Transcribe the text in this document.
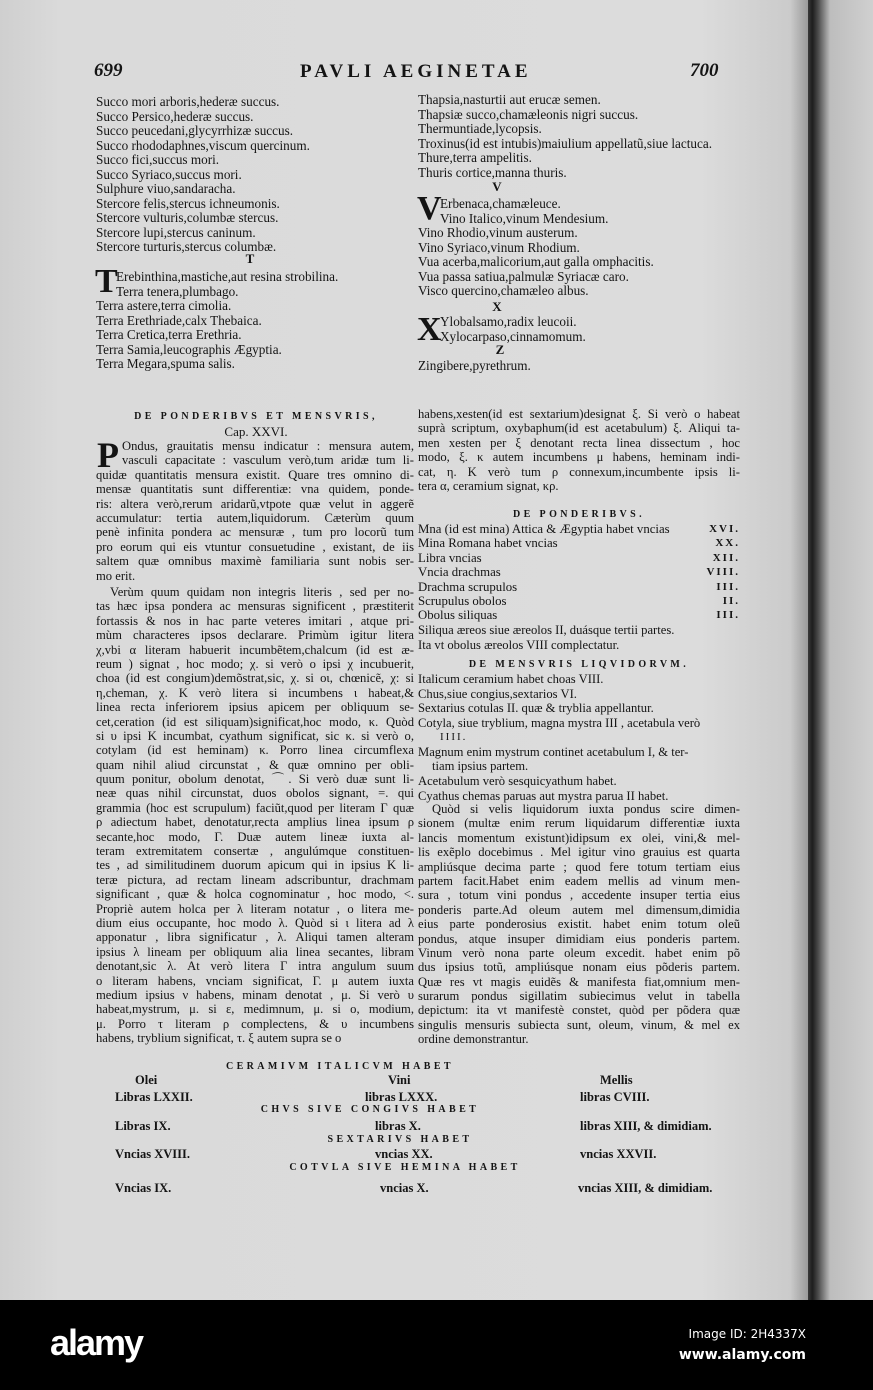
699	PAVLI AEGINETAE	700
Succo mori arboris,hederæ succus.
Succo Persico,hederæ succus.
Succo peucedani,glycyrrhizæ succus.
Succo rhododaphnes,viscum quercinum.
Succo fici,succus mori.
Succo Syriaco,succus mori.
Sulphure viuo,sandaracha.
Stercore felis,stercus ichneumonis.
Stercore vulturis,columbæ stercus.
Stercore lupi,stercus caninum.
Stercore turturis,stercus columbæ.
T
T
Erebinthina,mastiche,aut resina strobilina.
Terra tenera,plumbago.
Terra astere,terra cimolia.
Terra Erethriade,calx Thebaica.
Terra Cretica,terra Erethria.
Terra Samia,leucographis Ægyptia.
Terra Megara,spuma salis.
Thapsia,nasturtii aut erucæ semen.
Thapsiæ succo,chamæleonis nigri succus.
Thermuntiade,lycopsis.
Troxinus(id est intubis)maiulium appellatũ,siue lactuca.
Thure,terra ampelitis.
Thuris cortice,manna thuris.
V
V
Erbenaca,chamæleuce.
Vino Italico,vinum Mendesium.
Vino Rhodio,vinum austerum.
Vino Syriaco,vinum Rhodium.
Vua acerba,malicorium,aut galla omphacitis.
Vua passa satiua,palmulæ Syriacæ caro.
Visco quercino,chamæleo albus.
X
X
Ylobalsamo,radix leucoii.
Xylocarpaso,cinnamomum.
Z
Zingibere,pyrethrum.
DE PONDERIBVS ET MENSVRIS,
Cap. XXVI.
P Ondus, grauitatis mensu indicatur : mensura autem,
vasculi capacitate : vasculum verò,tum aridæ tum li-
quidæ quantitatis mensura existit. Quare tres omnino di-
mensæ quantitatis sunt differentiæ: vna quidem, ponde-
ris: altera verò,rerum aridarũ,vtpote quæ velut in aggerẽ
accumulatur: tertia autem,liquidorum. Cæterùm quum
penè infinita pondera ac mensuræ , tum pro locorũ tum
pro eorum qui eis vtuntur consuetudine , existant, de iis
saltem quæ omnibus maximè familiaria sunt nobis ser-
mo erit.
Verùm quum quidam non integris literis , sed per no-
tas hæc ipsa pondera ac mensuras significent , præstiterit
fortassis & nos in hac parte veteres imitari , atque pri-
mùm characteres ipsos declarare. Primùm igitur litera
χ,vbi α literam habuerit incumbẽtem,chalcum (id est æ-
reum ) signat , hoc modo; χ. si verò ο ipsi χ incubuerit,
choa (id est congium)demõstrat,sic, χ. si οι, chœnicẽ, χ: si
η,cheman, χ. K verò litera si incumbens ι habeat,&
linea recta inferiorem ipsius apicem per obliquum se-
cet,ceration (id est siliquam)significat,hoc modo, κ. Quòd
si υ ipsi K incumbat, cyathum significat, sic κ. si verò ο,
cotylam (id est heminam) κ. Porro linea circumflexa
quam nihil aliud circunstat , & quæ omnino per obli-
quum ponitur, obolum denotat, ⌒. Si verò duæ sunt li-
neæ quas nihil circunstat, duos obolos signant, =. qui
grammia (hoc est scrupulum) faciũt,quod per literam Γ quæ
ρ adiectum habet, denotatur,recta amplius linea ipsum ρ
secante,hoc modo, Γ. Duæ autem lineæ iuxta al-
teram extremitatem consertæ , angulúmque constituen-
tes , ad similitudinem duorum apicum qui in ipsius K li-
teræ pictura, ad rectam lineam adscribuntur, drachmam
significant , quæ & holca cognominatur , hoc modo, <.
Propriè autem holca per λ literam notatur , ο litera me-
dium eius occupante, hoc modo λ. Quòd si ι litera ad λ
apponatur , libra significatur , λ. Aliqui tamen alteram
ipsius λ lineam per obliquum alia linea secantes, libram
denotant,sic λ. At verò litera Γ intra angulum suum
ο literam habens, vnciam significat, Γ. μ autem iuxta
medium ipsius ν habens, minam denotat , μ. Si verò υ
habeat,mystrum, μ. si ε, medimnum, μ. si ο, modium,
μ. Porro τ literam ρ complectens, & υ incumbens
habens, tryblium significat, τ. ξ autem supra se ο
habens,xesten(id est sextarium)designat ξ. Si verò ο habeat
suprà scriptum, oxybaphum(id est acetabulum) ξ. Aliqui ta-
men xesten per ξ denotant recta linea dissectum , hoc
modo, ξ. κ autem incumbens μ habens, heminam indi-
cat, η. K verò tum ρ connexum,incumbente ipsis li-
tera α, ceramium signat, κρ.
DE PONDERIBVS.
Mna (id est mina) Attica & Ægyptia habet vncias	XVI.
Mina Romana habet vncias	XX.
Libra vncias	XII.
Vncia drachmas	VIII.
Drachma scrupulos	III.
Scrupulus obolos	II.
Obolus siliquas	III.
Siliqua æreos siue æreolos II, duásque tertii partes.
Ita vt obolus æreolos VIII complectatur.
DE MENSVRIS LIQVIDORVM.
Italicum ceramium habet choas VIII.
Chus,siue congius,sextarios VI.
Sextarius cotulas II. quæ & tryblia appellantur.
Cotyla, siue tryblium, magna mystra III , acetabula verò
IIII.
Magnum enim mystrum continet acetabulum I, & ter-
tiam ipsius partem.
Acetabulum verò sesquicyathum habet.
Cyathus chemas paruas aut mystra parua II habet.
Quòd si velis liquidorum iuxta pondus scire dimen-
sionem (multæ enim rerum liquidarum differentiæ iuxta
lancis momentum existunt)idipsum ex olei, vini,& mel-
lis exẽplo docebimus . Mel igitur vino grauius est quarta
ampliúsque decima parte ; quod fere totum tertiam eius
partem facit.Habet enim eadem mellis ad vinum men-
sura , totum vini pondus , accedente insuper tertia eius
ponderis parte.Ad oleum autem mel dimensum,dimidia
eius parte ponderosius existit. habet enim totum oleũ
pondus, atque insuper dimidiam eius ponderis partem.
Vinum verò nona parte oleum excedit. habet enim põ
dus ipsius totũ, ampliúsque nonam eius põderis partem.
Quæ res vt magis euidẽs & manifesta fiat,omnium men-
surarum pondus sigillatim subiecimus velut in tabella
depictum: ita vt manifestè constet, quòd per põdera quæ
singulis mensuris subiecta sunt, oleum, vinum, & mel ex
ordine demonstrantur.
CERAMIVM ITALICVM HABET
Olei	Vini	Mellis
Libras LXXII.	libras LXXX.	libras CVIII.
CHVS SIVE CONGIVS HABET
Libras IX.	libras X.	libras XIII, & dimidiam.
SEXTARIVS HABET
Vncias XVIII.	vncias XX.	vncias XXVII.
COTVLA SIVE HEMINA HABET
Vncias IX.	vncias X.	vncias XIII, & dimidiam.
alamy	Image ID: 2H4337X
www.alamy.com
